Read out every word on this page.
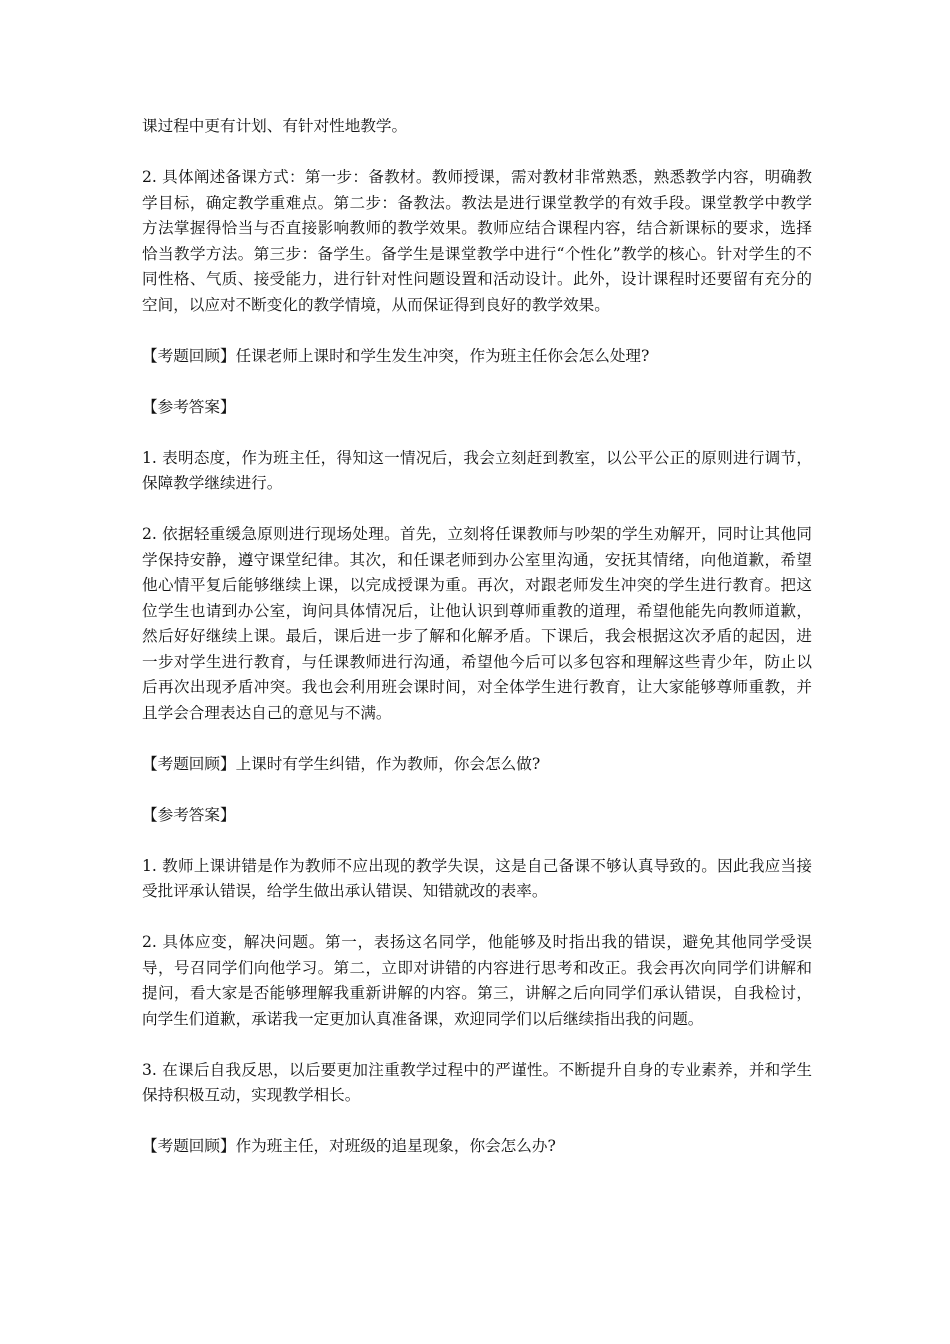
课过程中更有计划、有针对性地教学。

2. 具体阐述备课方式：第一步：备教材。教师授课，需对教材非常熟悉，熟悉教学内容，明确教学目标，确定教学重难点。第二步：备教法。教法是进行课堂教学的有效手段。课堂教学中教学方法掌握得恰当与否直接影响教师的教学效果。教师应结合课程内容，结合新课标的要求，选择恰当教学方法。第三步：备学生。备学生是课堂教学中进行“个性化”教学的核心。针对学生的不同性格、气质、接受能力，进行针对性问题设置和活动设计。此外，设计课程时还要留有充分的空间，以应对不断变化的教学情境，从而保证得到良好的教学效果。

【考题回顾】任课老师上课时和学生发生冲突，作为班主任你会怎么处理?

【参考答案】

1. 表明态度，作为班主任，得知这一情况后，我会立刻赶到教室，以公平公正的原则进行调节，保障教学继续进行。

2. 依据轻重缓急原则进行现场处理。首先，立刻将任课教师与吵架的学生劝解开，同时让其他同学保持安静，遵守课堂纪律。其次，和任课老师到办公室里沟通，安抚其情绪，向他道歉，希望他心情平复后能够继续上课，以完成授课为重。再次，对跟老师发生冲突的学生进行教育。把这位学生也请到办公室，询问具体情况后，让他认识到尊师重教的道理，希望他能先向教师道歉，然后好好继续上课。最后，课后进一步了解和化解矛盾。下课后，我会根据这次矛盾的起因，进一步对学生进行教育，与任课教师进行沟通，希望他今后可以多包容和理解这些青少年，防止以后再次出现矛盾冲突。我也会利用班会课时间，对全体学生进行教育，让大家能够尊师重教，并且学会合理表达自己的意见与不满。

【考题回顾】上课时有学生纠错，作为教师，你会怎么做?

【参考答案】

1. 教师上课讲错是作为教师不应出现的教学失误，这是自己备课不够认真导致的。因此我应当接受批评承认错误，给学生做出承认错误、知错就改的表率。

2. 具体应变，解决问题。第一，表扬这名同学，他能够及时指出我的错误，避免其他同学受误导，号召同学们向他学习。第二，立即对讲错的内容进行思考和改正。我会再次向同学们讲解和提问，看大家是否能够理解我重新讲解的内容。第三，讲解之后向同学们承认错误，自我检讨，向学生们道歉，承诺我一定更加认真准备课，欢迎同学们以后继续指出我的问题。

3. 在课后自我反思，以后要更加注重教学过程中的严谨性。不断提升自身的专业素养，并和学生保持积极互动，实现教学相长。

【考题回顾】作为班主任，对班级的追星现象，你会怎么办?
